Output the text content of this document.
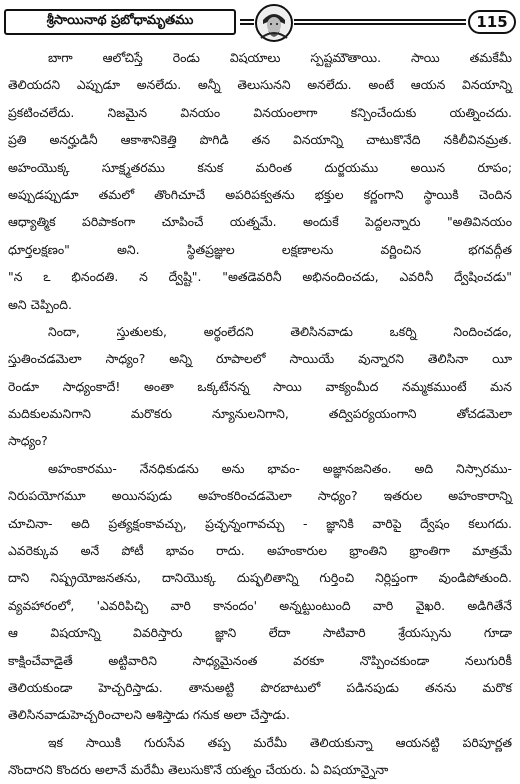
శ్రీసాయినాథ ప్రబోధామృతము	115
బాగా ఆలోచిస్తే రెండు విషయాలు స్పష్టమౌతాయి. సాయి తమకేమీ
తెలియదని ఎప్పుడూ అనలేదు. అన్నీ తెలుసునని అనలేదు. అంటే ఆయన వినయాన్ని
ప్రకటించలేదు. నిజమైన వినయం వినయంలాగా కన్పించేందుకు యత్నించదు.
ప్రతి అనర్హుడినీ ఆకాశానికెత్తి పొగిడి తన వినయాన్ని చాటుకొనేది నకిలీవినమ్రత.
అహంయొక్క సూక్ష్మతరము కనుక మరింత దుర్జయము అయిన రూపం;
అప్పుడప్పుడూ తమలో తొంగిచూచే అపరిపక్వతను భక్తుల కర్ణంగాని స్థాయికి చెందిన
ఆధ్యాత్మిక పరిపాకంగా చూపించే యత్నమే. అందుకే పెద్దలన్నారు "అతివినయం
ధూర్తలక్షణం" అని. స్థితప్రజ్ఞుల లక్షణాలను వర్ణించిన భగవద్గీత
"న ఽ భినందతి. న ద్వేష్టి". "అతడెవరినీ అభినందించడు, ఎవరినీ ద్వేషించడు"
అని చెప్పింది.
నిందా, స్తుతులకు, అర్థంలేదని తెలిసినవాడు ఒకర్ని నిందించడం,
స్తుతించడమెలా సాధ్యం? అన్ని రూపాలలో సాయియే వున్నారని తెలిసినా యీ
రెండూ సాధ్యంకాదే! అంతా ఒక్కటేనన్న సాయి వాక్యంమీద నమ్మకముంటే మన
మదికులమనిగాని మరొకరు న్యూనులనిగాని, తద్విపర్యయంగాని తోచడమెలా
సాధ్యం?
అహంకారము- నేనధికుడను అను భావం- అజ్ఞానజనితం. అది నిస్సారము-
నిరుపయోగమూ అయినపుడు అహంకరించడమెలా సాధ్యం? ఇతరుల అహంకారాన్ని
చూచినా- అది ప్రత్యక్షంకావచ్చు, ప్రచ్ఛన్నంగావచ్చు - జ్ఞానికి వారిపై ద్వేషం కలుగదు.
ఎవరెక్కువ అనే పోటీ భావం రాదు. అహంకారుల భ్రాంతిని భ్రాంతిగా మాత్రమే
దాని నిష్ప్రయోజనతను, దానియొక్క దుష్ఫలితాన్ని గుర్తించి నిర్లిప్తంగా వుండిపోతుంది.
వ్యవహారంలో, 'ఎవరిపిచ్చి వారి కానందం' అన్నట్టుంటుంది వారి వైఖరి. అడిగితేనే
ఆ విషయాన్ని వివరిస్తారు జ్ఞాని లేదా సాటివారి శ్రేయస్సును గూడా
కాక్షించేవాడైతే అట్టివారిని సాధ్యమైనంత వరకూ నొప్పించకుండా నలుగురికీ
తెలియకుండా హెచ్చరిస్తాడు. తానుఅట్టి పొరబాటులో పడినపుడు తనను మరొక
తెలిసినవాడుహెచ్చరించాలని ఆశిస్తాడు గనుక అలా చేస్తాడు.
ఇక సాయికి గురుసేవ తప్ప మరేమీ తెలియకున్నా ఆయనట్టి పరిపూర్ణత
నొందారని కొందరు అలానే మరేమీ తెలుసుకొనే యత్నం చేయరు. ఏ విషయాన్నైనా
